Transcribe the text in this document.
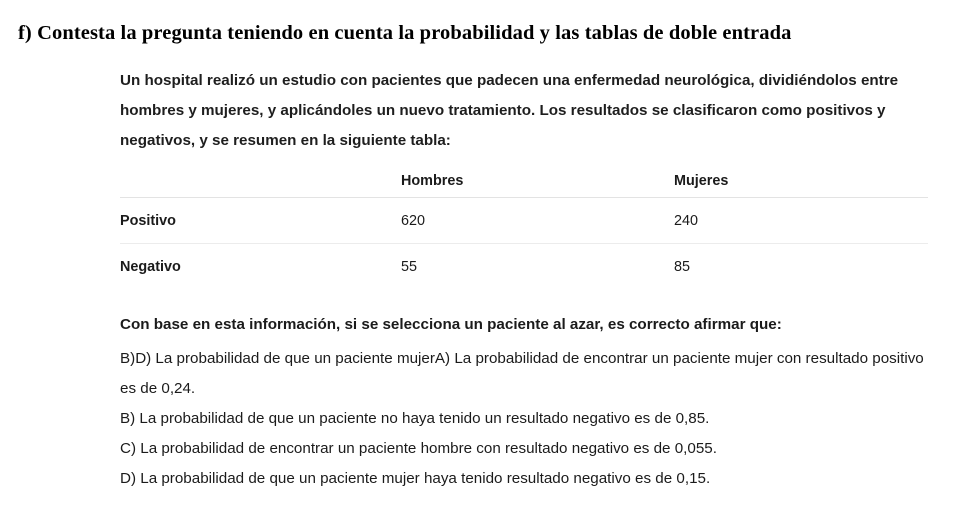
f) Contesta la pregunta teniendo en cuenta la probabilidad y las tablas de doble entrada

Un hospital realizó un estudio con pacientes que padecen una enfermedad neurológica, dividiéndolos entre hombres y mujeres, y aplicándoles un nuevo tratamiento. Los resultados se clasificaron como positivos y negativos, y se resumen en la siguiente tabla:

	Hombres	Mujeres
Positivo	620	240
Negativo	55	85

Con base en esta información, si se selecciona un paciente al azar, es correcto afirmar que:

B)D) La probabilidad de que un paciente mujerA) La probabilidad de encontrar un paciente mujer con resultado positivo es de 0,24.

B) La probabilidad de que un paciente no haya tenido un resultado negativo es de 0,85.

C) La probabilidad de encontrar un paciente hombre con resultado negativo es de 0,055.

D) La probabilidad de que un paciente mujer haya tenido resultado negativo es de 0,15.
